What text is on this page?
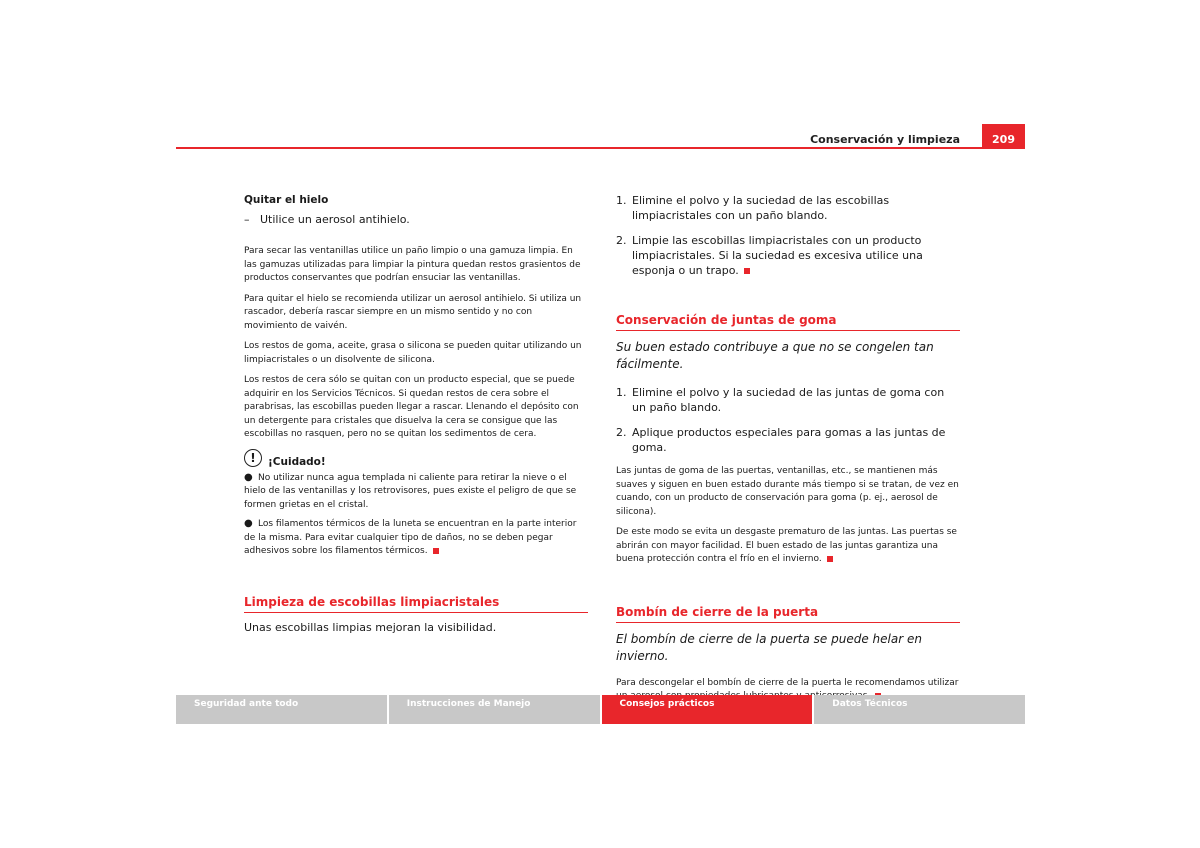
Conservación y limpieza	209
Quitar el hielo
– Utilice un aerosol antihielo.

Para secar las ventanillas utilice un paño limpio o una gamuza limpia. En las gamuzas utilizadas para limpiar la pintura quedan restos grasientos de productos conservantes que podrían ensuciar las ventanillas.

Para quitar el hielo se recomienda utilizar un aerosol antihielo. Si utiliza un rascador, debería rascar siempre en un mismo sentido y no con movimiento de vaivén.

Los restos de goma, aceite, grasa o silicona se pueden quitar utilizando un limpiacristales o un disolvente de silicona.

Los restos de cera sólo se quitan con un producto especial, que se puede adquirir en los Servicios Técnicos. Si quedan restos de cera sobre el parabrisas, las escobillas pueden llegar a rascar. Llenando el depósito con un detergente para cristales que disuelva la cera se consigue que las escobillas no rasquen, pero no se quitan los sedimentos de cera.

!	¡Cuidado!

● No utilizar nunca agua templada ni caliente para retirar la nieve o el hielo de las ventanillas y los retrovisores, pues existe el peligro de que se formen grietas en el cristal.

● Los filamentos térmicos de la luneta se encuentran en la parte interior de la misma. Para evitar cualquier tipo de daños, no se deben pegar adhesivos sobre los filamentos térmicos.

Limpieza de escobillas limpiacristales

Unas escobillas limpias mejoran la visibilidad.

1. Elimine el polvo y la suciedad de las escobillas limpiacristales con un paño blando.
2. Limpie las escobillas limpiacristales con un producto limpiacristales. Si la suciedad es excesiva utilice una esponja o un trapo.
Conservación de juntas de goma

Su buen estado contribuye a que no se congelen tan fácilmente.

1. Elimine el polvo y la suciedad de las juntas de goma con un paño blando.
2. Aplique productos especiales para gomas a las juntas de goma.

Las juntas de goma de las puertas, ventanillas, etc., se mantienen más suaves y siguen en buen estado durante más tiempo si se tratan, de vez en cuando, con un producto de conservación para goma (p. ej., aerosol de silicona).

De este modo se evita un desgaste prematuro de las juntas. Las puertas se abrirán con mayor facilidad. El buen estado de las juntas garantiza una buena protección contra el frío en el invierno.

Bombín de cierre de la puerta

El bombín de cierre de la puerta se puede helar en invierno.

Para descongelar el bombín de cierre de la puerta le recomendamos utilizar

Seguridad ante todo	Instrucciones de Manejo	Consejos prácticos	Datos Técnicos
